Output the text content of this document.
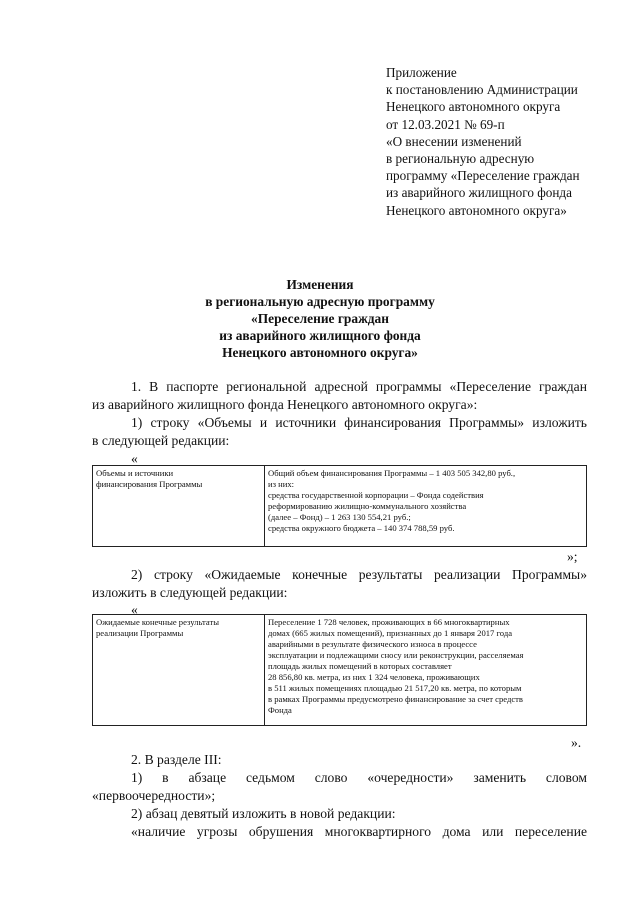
Приложение
к постановлению Администрации
Ненецкого автономного округа
от 12.03.2021 № 69-п
«О внесении изменений
в региональную адресную
программу «Переселение граждан
из аварийного жилищного фонда
Ненецкого автономного округа»
Изменения
в региональную адресную программу
«Переселение граждан
из аварийного жилищного фонда
Ненецкого автономного округа»
1. В паспорте региональной адресной программы «Переселение граждан
из аварийного жилищного фонда Ненецкого автономного округа»:
1) строку «Объемы и источники финансирования Программы» изложить
в следующей редакции:
«
Объемы и источники
финансирования Программы

Общий объем финансирования Программы – 1 403 505 342,80 руб.,
из них:
средства государственной корпорации – Фонда содействия
реформированию жилищно-коммунального хозяйства
(далее – Фонд) – 1 263 130 554,21 руб.;
средства окружного бюджета – 140 374 788,59 руб.
»;
2) строку «Ожидаемые конечные результаты реализации Программы»
изложить в следующей редакции:
«
Ожидаемые конечные результаты
реализации Программы

Переселение 1 728 человек, проживающих в 66 многоквартирных
домах (665 жилых помещений), признанных до 1 января 2017 года
аварийными в результате физического износа в процессе
эксплуатации и подлежащими сносу или реконструкции, расселяемая
площадь жилых помещений в которых составляет
28 856,80 кв. метра, из них 1 324 человека, проживающих
в 511 жилых помещениях площадью 21 517,20 кв. метра, по которым
в рамках Программы предусмотрено финансирование за счет средств
Фонда
».
2. В разделе III:
1) в абзаце седьмом слово «очередности» заменить словом
«первоочередности»;
2) абзац девятый изложить в новой редакции:
«наличие угрозы обрушения многоквартирного дома или переселение
